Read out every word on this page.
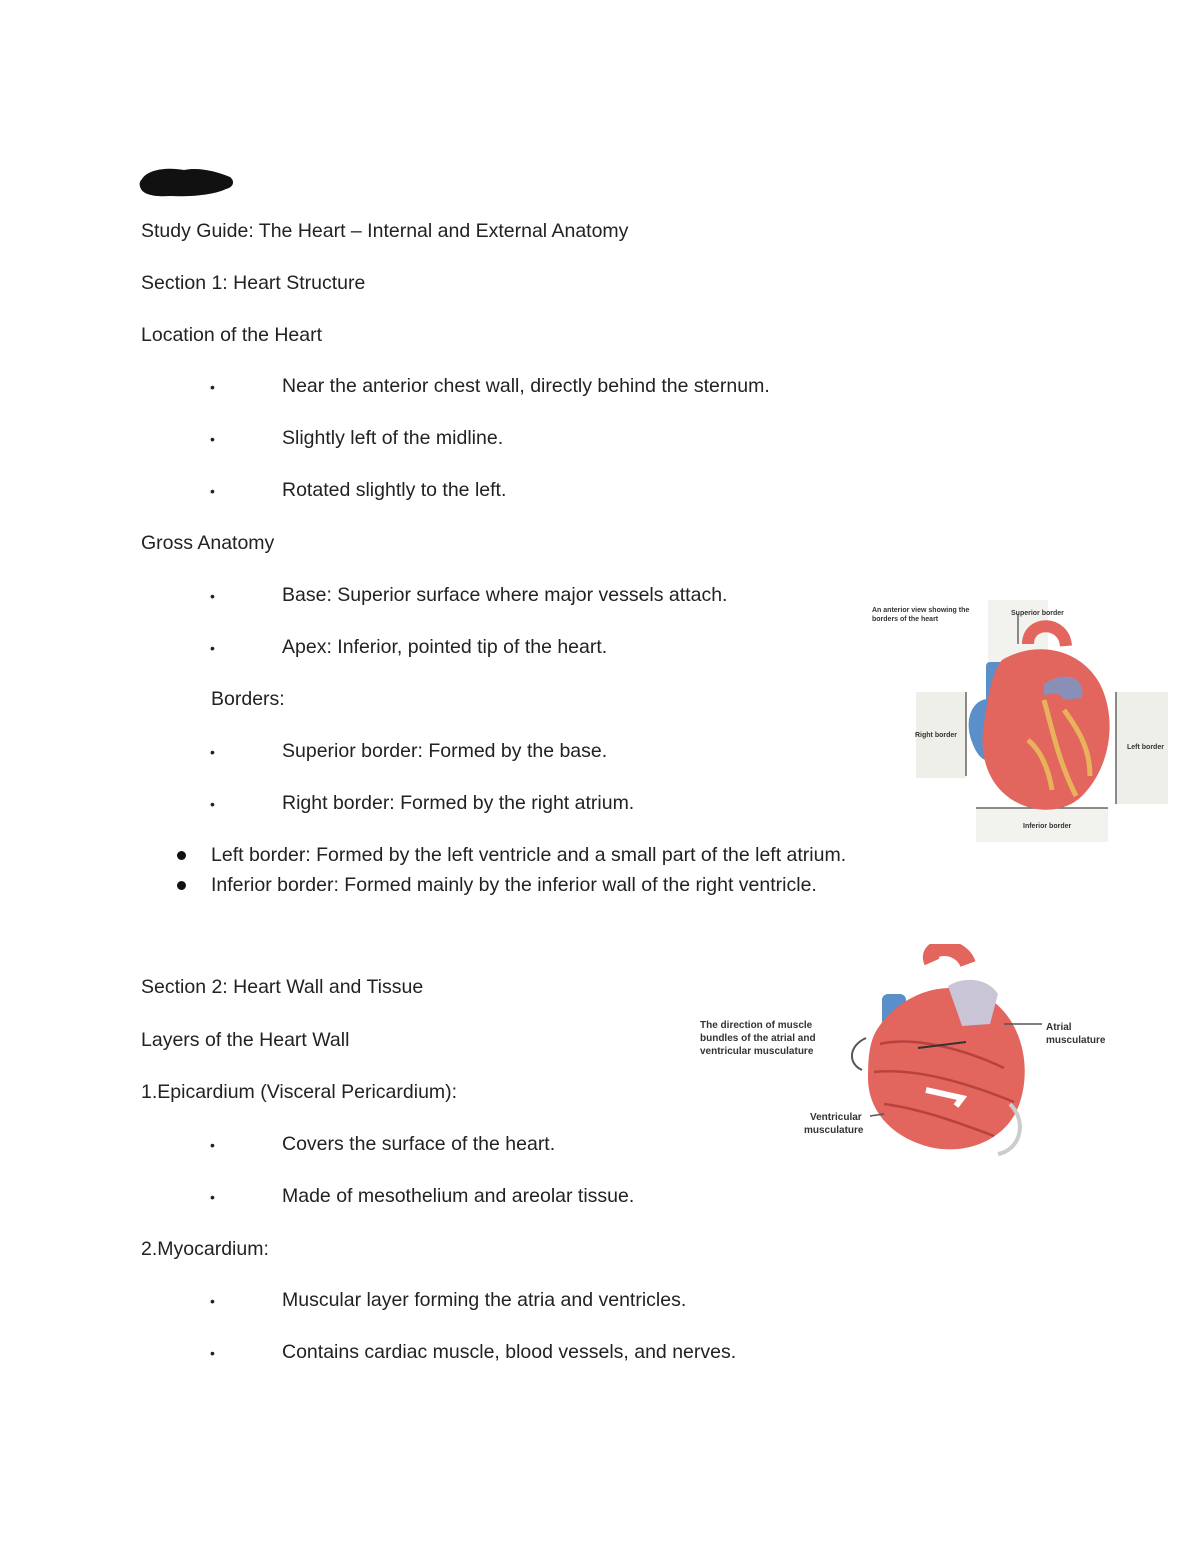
Study Guide: The Heart – Internal and External Anatomy
Section 1: Heart Structure
Location of the Heart
•	Near the anterior chest wall, directly behind the sternum.
•	Slightly left of the midline.
•	Rotated slightly to the left.
Gross Anatomy
•	Base: Superior surface where major vessels attach.
•	Apex: Inferior, pointed tip of the heart.
Borders:
•	Superior border: Formed by the base.
•	Right border: Formed by the right atrium.
Left border: Formed by the left ventricle and a small part of the left atrium.
Inferior border: Formed mainly by the inferior wall of the right ventricle.
Section 2: Heart Wall and Tissue
Layers of the Heart Wall
1.Epicardium (Visceral Pericardium):
•	Covers the surface of the heart.
•	Made of mesothelium and areolar tissue.
2.Myocardium:
•	Muscular layer forming the atria and ventricles.
•	Contains cardiac muscle, blood vessels, and nerves.
An anterior view showing the
borders of the heart
Superior border
Right border
Left border
Inferior border
The direction of muscle
bundles of the atrial and
ventricular musculature
Atrial
musculature
Ventricular
musculature
